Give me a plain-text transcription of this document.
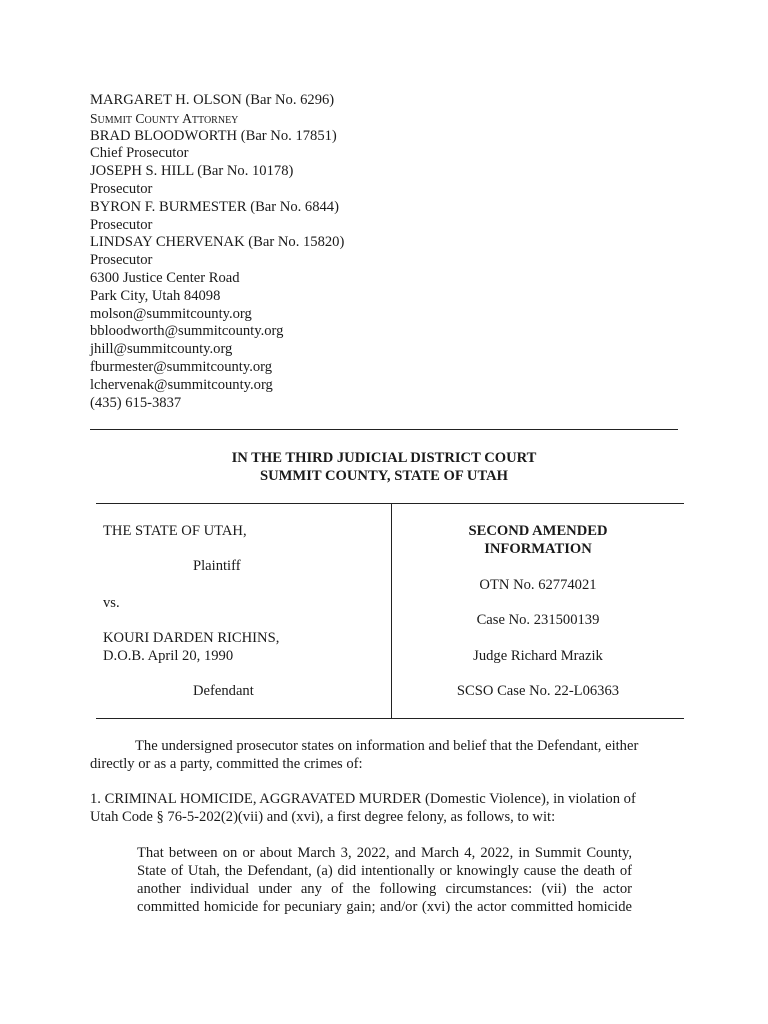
MARGARET H. OLSON (Bar No. 6296)
Summit County Attorney
BRAD BLOODWORTH (Bar No. 17851)
Chief Prosecutor
JOSEPH S. HILL (Bar No. 10178)
Prosecutor
BYRON F. BURMESTER (Bar No. 6844)
Prosecutor
LINDSAY CHERVENAK (Bar No. 15820)
Prosecutor
6300 Justice Center Road
Park City, Utah 84098
molson@summitcounty.org
bbloodworth@summitcounty.org
jhill@summitcounty.org
fburmester@summitcounty.org
lchervenak@summitcounty.org
(435) 615-3837
IN THE THIRD JUDICIAL DISTRICT COURT
SUMMIT COUNTY, STATE OF UTAH
THE STATE OF UTAH,
Plaintiff
vs.
KOURI DARDEN RICHINS,
D.O.B. April 20, 1990
Defendant
SECOND AMENDED
INFORMATION
OTN No. 62774021
Case No. 231500139
Judge Richard Mrazik
SCSO Case No. 22-L06363
The undersigned prosecutor states on information and belief that the Defendant, either
directly or as a party, committed the crimes of:
1. CRIMINAL HOMICIDE, AGGRAVATED MURDER (Domestic Violence), in violation of
Utah Code § 76-5-202(2)(vii) and (xvi), a first degree felony, as follows, to wit:
That between on or about March 3, 2022, and March 4, 2022, in Summit County,
State of Utah, the Defendant, (a) did intentionally or knowingly cause the death of
another individual under any of the following circumstances: (vii) the actor
committed homicide for pecuniary gain; and/or (xvi) the actor committed homicide
